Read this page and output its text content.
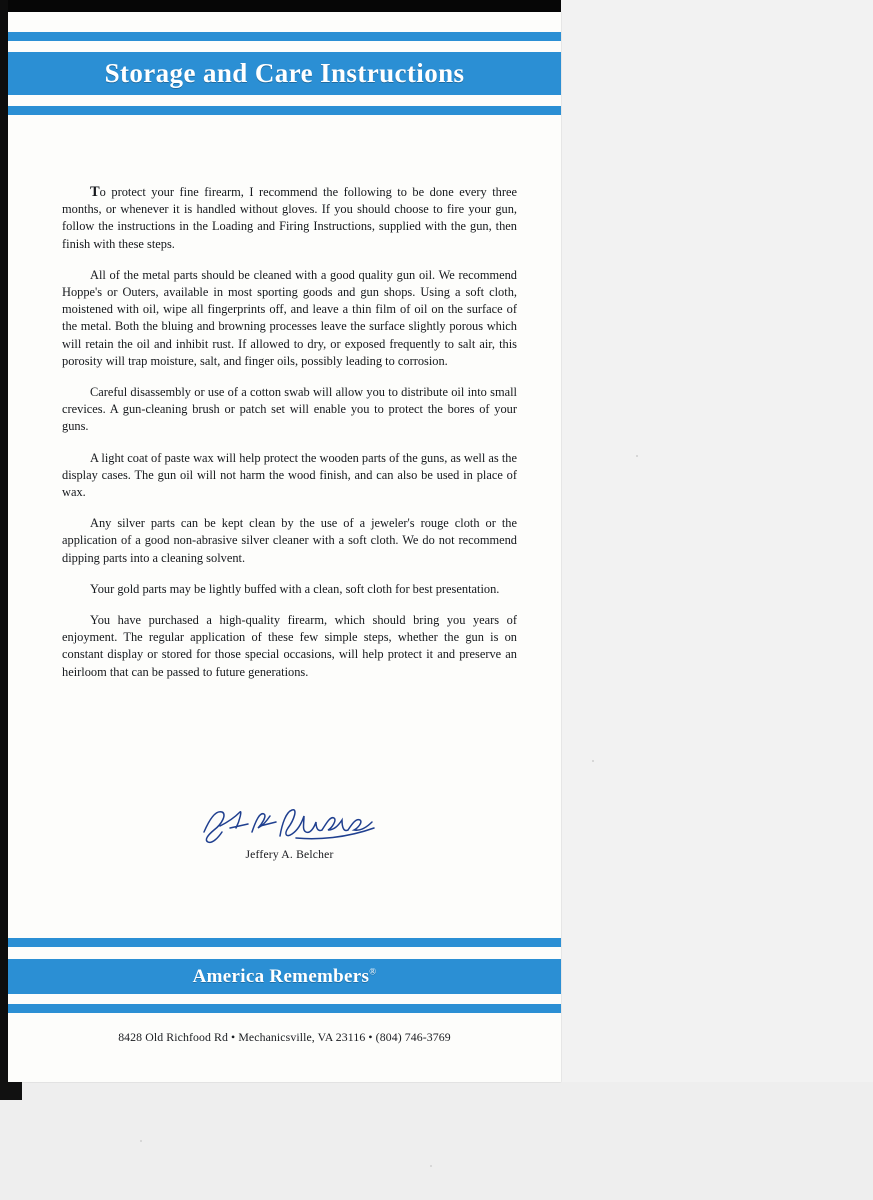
Storage and Care Instructions

To protect your fine firearm, I recommend the following to be done every three months, or whenever it is handled without gloves. If you should choose to fire your gun, follow the instructions in the Loading and Firing Instructions, supplied with the gun, then finish with these steps.

All of the metal parts should be cleaned with a good quality gun oil. We recommend Hoppe's or Outers, available in most sporting goods and gun shops. Using a soft cloth, moistened with oil, wipe all fingerprints off, and leave a thin film of oil on the surface of the metal. Both the bluing and browning processes leave the surface slightly porous which will retain the oil and inhibit rust. If allowed to dry, or exposed frequently to salt air, this porosity will trap moisture, salt, and finger oils, possibly leading to corrosion.

Careful disassembly or use of a cotton swab will allow you to distribute oil into small crevices. A gun-cleaning brush or patch set will enable you to protect the bores of your guns.

A light coat of paste wax will help protect the wooden parts of the guns, as well as the display cases. The gun oil will not harm the wood finish, and can also be used in place of wax.

Any silver parts can be kept clean by the use of a jeweler's rouge cloth or the application of a good non-abrasive silver cleaner with a soft cloth. We do not recommend dipping parts into a cleaning solvent.

Your gold parts may be lightly buffed with a clean, soft cloth for best presentation.

You have purchased a high-quality firearm, which should bring you years of enjoyment. The regular application of these few simple steps, whether the gun is on constant display or stored for those special occasions, will help protect it and preserve an heirloom that can be passed to future generations.

Jeffery A. Belcher
America Remembers®
8428 Old Richfood Rd • Mechanicsville, VA 23116 • (804) 746-3769
